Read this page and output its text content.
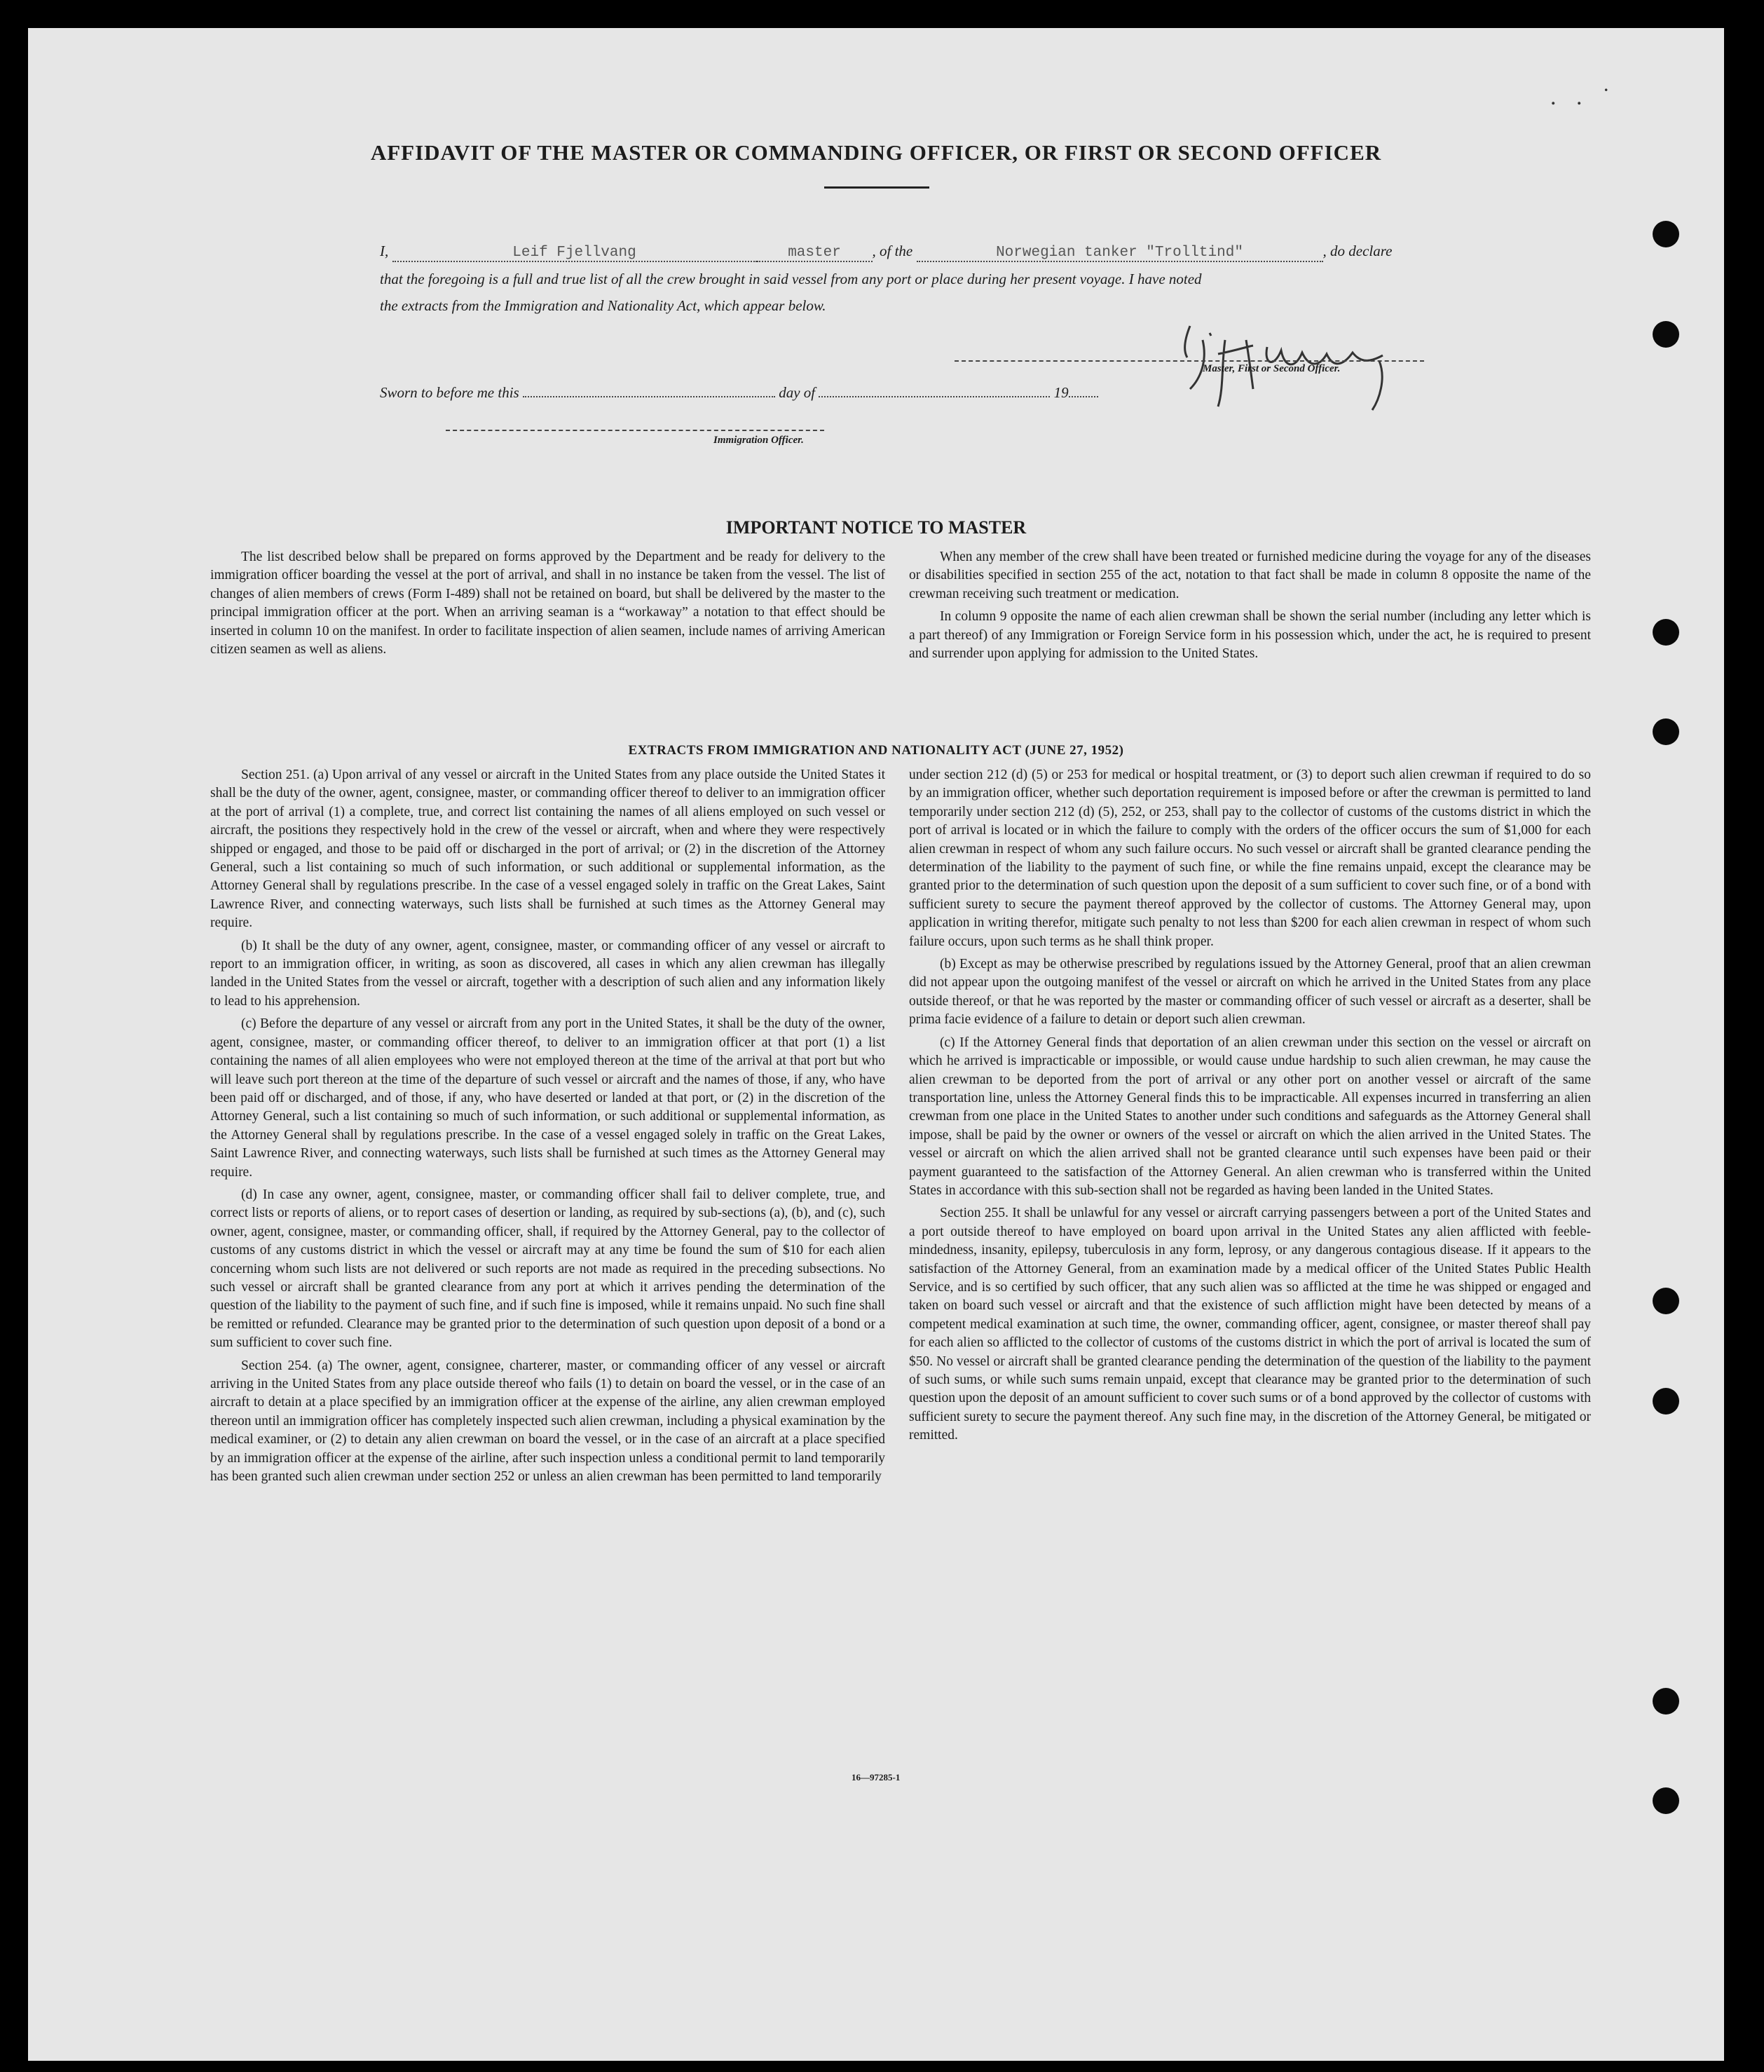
. . ˙
AFFIDAVIT OF THE MASTER OR COMMANDING OFFICER, OR FIRST OR SECOND OFFICER
I,	Leif Fjellvang	master , of the	Norwegian tanker "Trolltind"	, do declare
that the foregoing is a full and true list of all the crew brought in said vessel from any port or place during her present voyage. I have noted
the extracts from the Immigration and Nationality Act, which appear below.
Master, First or Second Officer.
Sworn to before me this	day of	19
Immigration Officer.
IMPORTANT NOTICE TO MASTER

The list described below shall be prepared on forms approved by the Department and be ready for delivery to the immigration officer boarding the vessel at the port of arrival, and shall in no instance be taken from the vessel. The list of changes of alien members of crews (Form I-489) shall not be retained on board, but shall be delivered by the master to the principal immigration officer at the port. When an arriving seaman is a “workaway” a notation to that effect should be inserted in column 10 on the manifest. In order to facilitate inspection of alien seamen, include names of arriving American citizen seamen as well as aliens.

When any member of the crew shall have been treated or furnished medicine during the voyage for any of the diseases or disabilities specified in section 255 of the act, notation to that fact shall be made in column 8 opposite the name of the crewman receiving such treatment or medication.

In column 9 opposite the name of each alien crewman shall be shown the serial number (including any letter which is a part thereof) of any Immigration or Foreign Service form in his possession which, under the act, he is required to present and surrender upon applying for admission to the United States.

EXTRACTS FROM IMMIGRATION AND NATIONALITY ACT (JUNE 27, 1952)

Section 251. (a) Upon arrival of any vessel or aircraft in the United States from any place outside the United States it shall be the duty of the owner, agent, consignee, master, or commanding officer thereof to deliver to an immigration officer at the port of arrival (1) a complete, true, and correct list containing the names of all aliens employed on such vessel or aircraft, the positions they respectively hold in the crew of the vessel or aircraft, when and where they were respectively shipped or engaged, and those to be paid off or discharged in the port of arrival; or (2) in the discretion of the Attorney General, such a list containing so much of such information, or such additional or supplemental information, as the Attorney General shall by regulations prescribe. In the case of a vessel engaged solely in traffic on the Great Lakes, Saint Lawrence River, and connecting waterways, such lists shall be furnished at such times as the Attorney General may require.

(b) It shall be the duty of any owner, agent, consignee, master, or commanding officer of any vessel or aircraft to report to an immigration officer, in writing, as soon as discovered, all cases in which any alien crewman has illegally landed in the United States from the vessel or aircraft, together with a description of such alien and any information likely to lead to his apprehension.

(c) Before the departure of any vessel or aircraft from any port in the United States, it shall be the duty of the owner, agent, consignee, master, or commanding officer thereof, to deliver to an immigration officer at that port (1) a list containing the names of all alien employees who were not employed thereon at the time of the arrival at that port but who will leave such port thereon at the time of the departure of such vessel or aircraft and the names of those, if any, who have been paid off or discharged, and of those, if any, who have deserted or landed at that port, or (2) in the discretion of the Attorney General, such a list containing so much of such information, or such additional or supplemental information, as the Attorney General shall by regulations prescribe. In the case of a vessel engaged solely in traffic on the Great Lakes, Saint Lawrence River, and connecting waterways, such lists shall be furnished at such times as the Attorney General may require.

(d) In case any owner, agent, consignee, master, or commanding officer shall fail to deliver complete, true, and correct lists or reports of aliens, or to report cases of desertion or landing, as required by sub-sections (a), (b), and (c), such owner, agent, consignee, master, or commanding officer, shall, if required by the Attorney General, pay to the collector of customs of any customs district in which the vessel or aircraft may at any time be found the sum of $10 for each alien concerning whom such lists are not delivered or such reports are not made as required in the preceding subsections. No such vessel or aircraft shall be granted clearance from any port at which it arrives pending the determination of the question of the liability to the payment of such fine, and if such fine is imposed, while it remains unpaid. No such fine shall be remitted or refunded. Clearance may be granted prior to the determination of such question upon deposit of a bond or a sum sufficient to cover such fine.

Section 254. (a) The owner, agent, consignee, charterer, master, or commanding officer of any vessel or aircraft arriving in the United States from any place outside thereof who fails (1) to detain on board the vessel, or in the case of an aircraft to detain at a place specified by an immigration officer at the expense of the airline, any alien crewman employed thereon until an immigration officer has completely inspected such alien crewman, including a physical examination by the medical examiner, or (2) to detain any alien crewman on board the vessel, or in the case of an aircraft at a place specified by an immigration officer at the expense of the airline, after such inspection unless a conditional permit to land temporarily has been granted such alien crewman under section 252 or unless an alien crewman has been permitted to land temporarily

under section 212 (d) (5) or 253 for medical or hospital treatment, or (3) to deport such alien crewman if required to do so by an immigration officer, whether such deportation requirement is imposed before or after the crewman is permitted to land temporarily under section 212 (d) (5), 252, or 253, shall pay to the collector of customs of the customs district in which the port of arrival is located or in which the failure to comply with the orders of the officer occurs the sum of $1,000 for each alien crewman in respect of whom any such failure occurs. No such vessel or aircraft shall be granted clearance pending the determination of the liability to the payment of such fine, or while the fine remains unpaid, except the clearance may be granted prior to the determination of such question upon the deposit of a sum sufficient to cover such fine, or of a bond with sufficient surety to secure the payment thereof approved by the collector of customs. The Attorney General may, upon application in writing therefor, mitigate such penalty to not less than $200 for each alien crewman in respect of whom such failure occurs, upon such terms as he shall think proper.

(b) Except as may be otherwise prescribed by regulations issued by the Attorney General, proof that an alien crewman did not appear upon the outgoing manifest of the vessel or aircraft on which he arrived in the United States from any place outside thereof, or that he was reported by the master or commanding officer of such vessel or aircraft as a deserter, shall be prima facie evidence of a failure to detain or deport such alien crewman.

(c) If the Attorney General finds that deportation of an alien crewman under this section on the vessel or aircraft on which he arrived is impracticable or impossible, or would cause undue hardship to such alien crewman, he may cause the alien crewman to be deported from the port of arrival or any other port on another vessel or aircraft of the same transportation line, unless the Attorney General finds this to be impracticable. All expenses incurred in transferring an alien crewman from one place in the United States to another under such conditions and safeguards as the Attorney General shall impose, shall be paid by the owner or owners of the vessel or aircraft on which the alien arrived in the United States. The vessel or aircraft on which the alien arrived shall not be granted clearance until such expenses have been paid or their payment guaranteed to the satisfaction of the Attorney General. An alien crewman who is transferred within the United States in accordance with this sub-section shall not be regarded as having been landed in the United States.

Section 255. It shall be unlawful for any vessel or aircraft carrying passengers between a port of the United States and a port outside thereof to have employed on board upon arrival in the United States any alien afflicted with feeble-mindedness, insanity, epilepsy, tuberculosis in any form, leprosy, or any dangerous contagious disease. If it appears to the satisfaction of the Attorney General, from an examination made by a medical officer of the United States Public Health Service, and is so certified by such officer, that any such alien was so afflicted at the time he was shipped or engaged and taken on board such vessel or aircraft and that the existence of such affliction might have been detected by means of a competent medical examination at such time, the owner, commanding officer, agent, consignee, or master thereof shall pay for each alien so afflicted to the collector of customs of the customs district in which the port of arrival is located the sum of $50. No vessel or aircraft shall be granted clearance pending the determination of the question of the liability to the payment of such sums, or while such sums remain unpaid, except that clearance may be granted prior to the determination of such question upon the deposit of an amount sufficient to cover such sums or of a bond approved by the collector of customs with sufficient surety to secure the payment thereof. Any such fine may, in the discretion of the Attorney General, be mitigated or remitted.

16—97285-1
